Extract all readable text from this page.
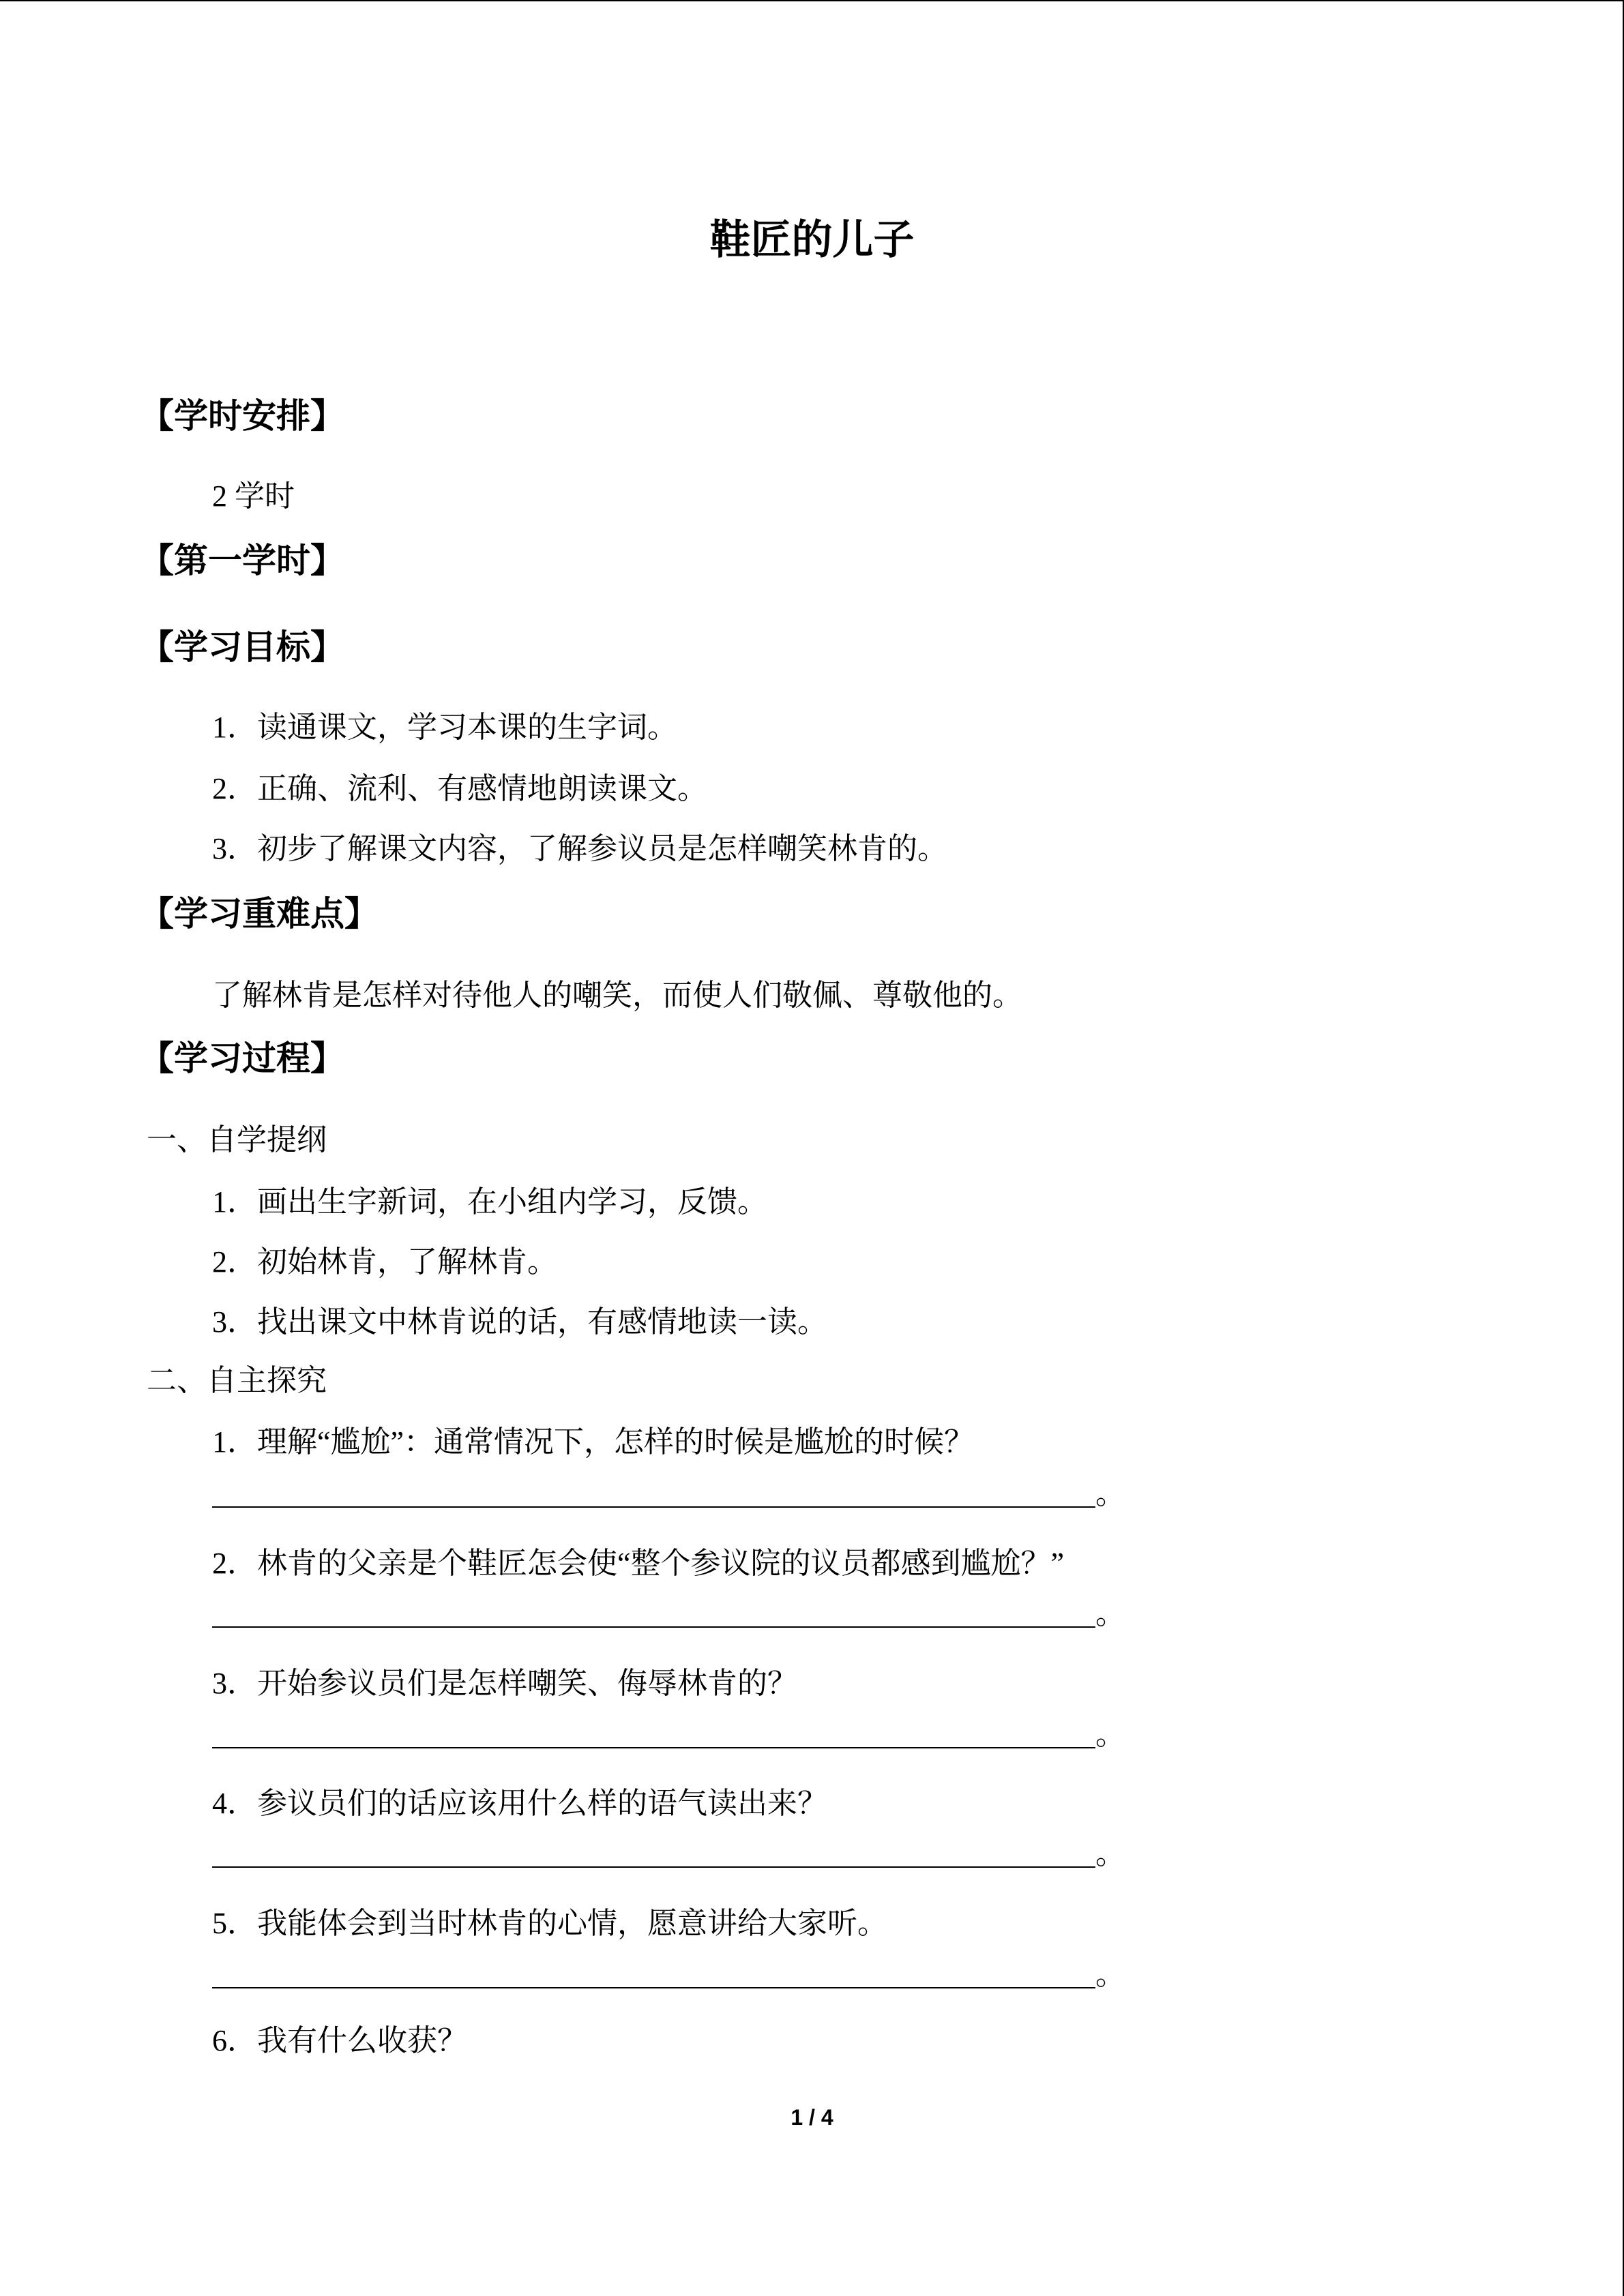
鞋匠的儿子
【学时安排】
2 学时
【第一学时】
【学习目标】
1．读通课文，学习本课的生字词。
2．正确、流利、有感情地朗读课文。
3．初步了解课文内容，了解参议员是怎样嘲笑林肯的。
【学习重难点】
了解林肯是怎样对待他人的嘲笑，而使人们敬佩、尊敬他的。
【学习过程】
一、自学提纲
1．画出生字新词，在小组内学习，反馈。
2．初始林肯，了解林肯。
3．找出课文中林肯说的话，有感情地读一读。
二、自主探究
1．理解“尴尬”：通常情况下，怎样的时候是尴尬的时候？
。
2．林肯的父亲是个鞋匠怎会使“整个参议院的议员都感到尴尬？”
。
3．开始参议员们是怎样嘲笑、侮辱林肯的？
。
4．参议员们的话应该用什么样的语气读出来？
。
5．我能体会到当时林肯的心情，愿意讲给大家听。
。
6．我有什么收获？
1 / 4
